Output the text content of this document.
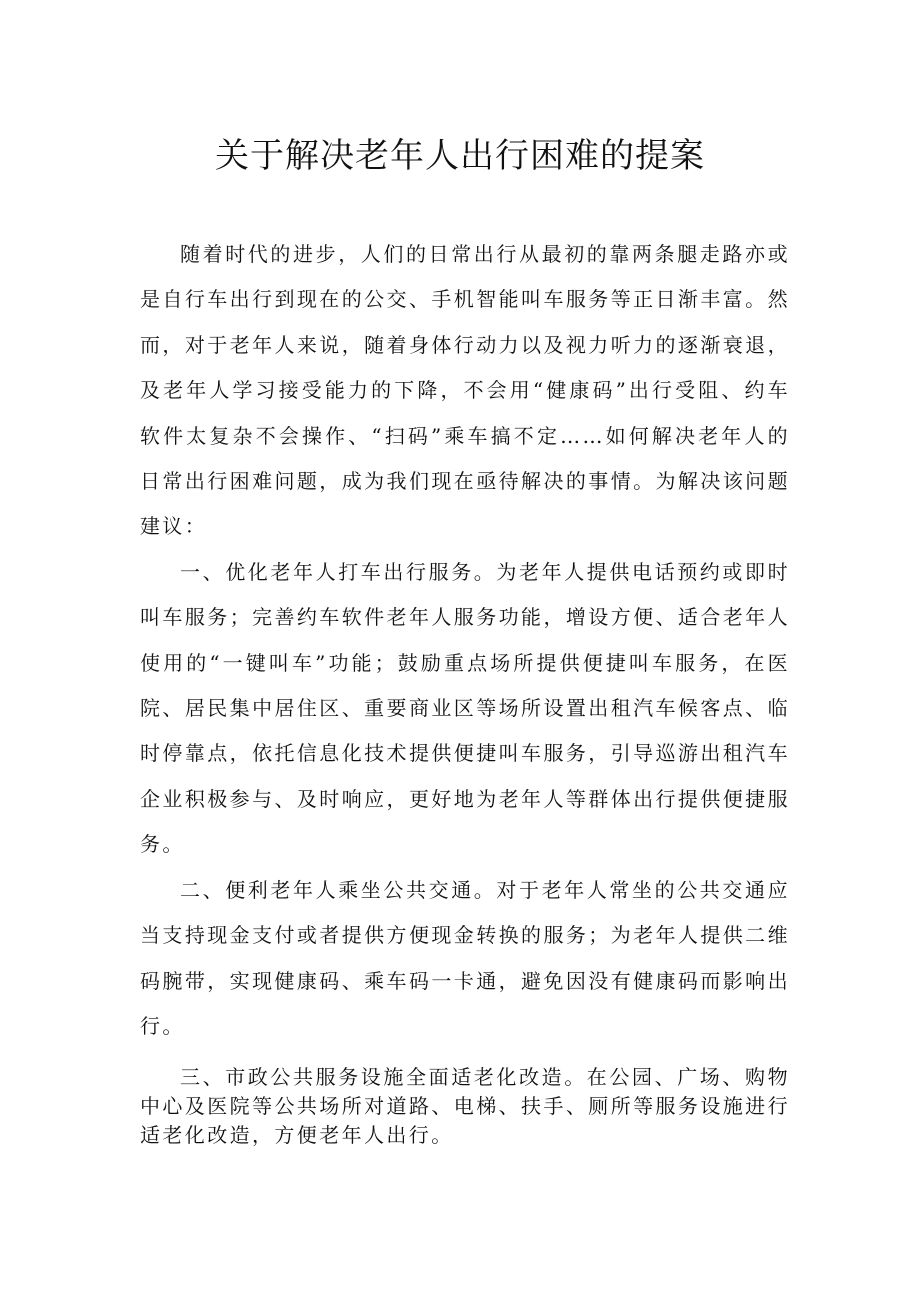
关于解决老年人出行困难的提案

随着时代的进步，人们的日常出行从最初的靠两条腿走路亦或是自行车出行到现在的公交、手机智能叫车服务等正日渐丰富。然而，对于老年人来说，随着身体行动力以及视力听力的逐渐衰退，及老年人学习接受能力的下降，不会用“健康码”出行受阻、约车软件太复杂不会操作、“扫码”乘车搞不定……如何解决老年人的日常出行困难问题，成为我们现在亟待解决的事情。为解决该问题建议：

一、优化老年人打车出行服务。为老年人提供电话预约或即时叫车服务；完善约车软件老年人服务功能，增设方便、适合老年人使用的“一键叫车”功能；鼓励重点场所提供便捷叫车服务，在医院、居民集中居住区、重要商业区等场所设置出租汽车候客点、临时停靠点，依托信息化技术提供便捷叫车服务，引导巡游出租汽车企业积极参与、及时响应，更好地为老年人等群体出行提供便捷服务。

二、便利老年人乘坐公共交通。对于老年人常坐的公共交通应当支持现金支付或者提供方便现金转换的服务；为老年人提供二维码腕带，实现健康码、乘车码一卡通，避免因没有健康码而影响出行。

三、市政公共服务设施全面适老化改造。在公园、广场、购物中心及医院等公共场所对道路、电梯、扶手、厕所等服务设施进行适老化改造，方便老年人出行。
